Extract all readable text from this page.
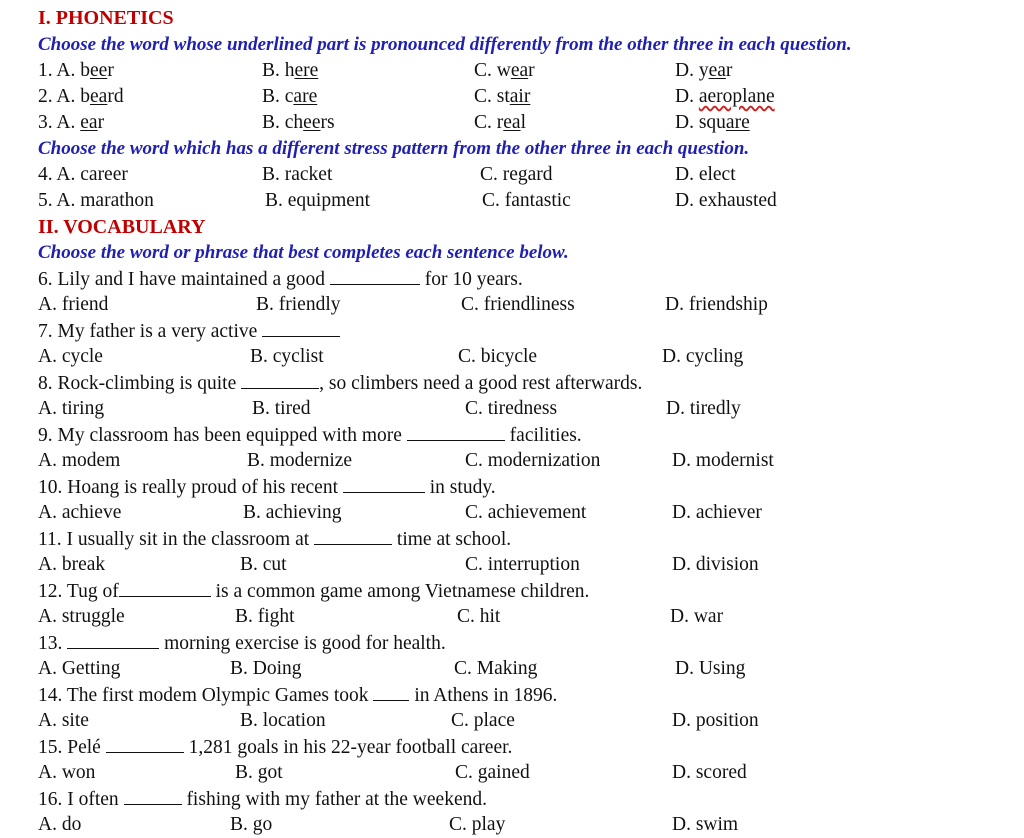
I. PHONETICS
Choose the word whose underlined part is pronounced differently from the other three in each question.
1. A. beer	B. here	C. wear	D. year
2. A. beard	B. care	C. stair	D. aeroplane
3. A. ear	B. cheers	C. real	D. square
Choose the word which has a different stress pattern from the other three in each question.
4. A. career	B. racket	C. regard	D. elect
5. A. marathon	B. equipment	C. fantastic	D. exhausted
II. VOCABULARY
Choose the word or phrase that best completes each sentence below.
6. Lily and I have maintained a good	for 10 years.
A. friend	B. friendly	C. friendliness	D. friendship
7. My father is a very active
A. cycle	B. cyclist	C. bicycle	D. cycling
8. Rock-climbing is quite	, so climbers need a good rest afterwards.
A. tiring	B. tired	C. tiredness	D. tiredly
9. My classroom has been equipped with more	facilities.
A. modem	B. modernize	C. modernization	D. modernist
10. Hoang is really proud of his recent	in study.
A. achieve	B. achieving	C. achievement	D. achiever
11. I usually sit in the classroom at	time at school.
A. break	B. cut	C. interruption	D. division
12. Tug of	is a common game among Vietnamese children.
A. struggle	B. fight	C. hit	D. war
13.	morning exercise is good for health.
A. Getting	B. Doing	C. Making	D. Using
14. The first modem Olympic Games took in Athens in 1896.
A. site	B. location	C. place	D. position
15. Pelé	1,281 goals in his 22-year football career.
A. won	B. got	C. gained	D. scored
16. I often	fishing with my father at the weekend.
A. do	B. go	C. play	D. swim
